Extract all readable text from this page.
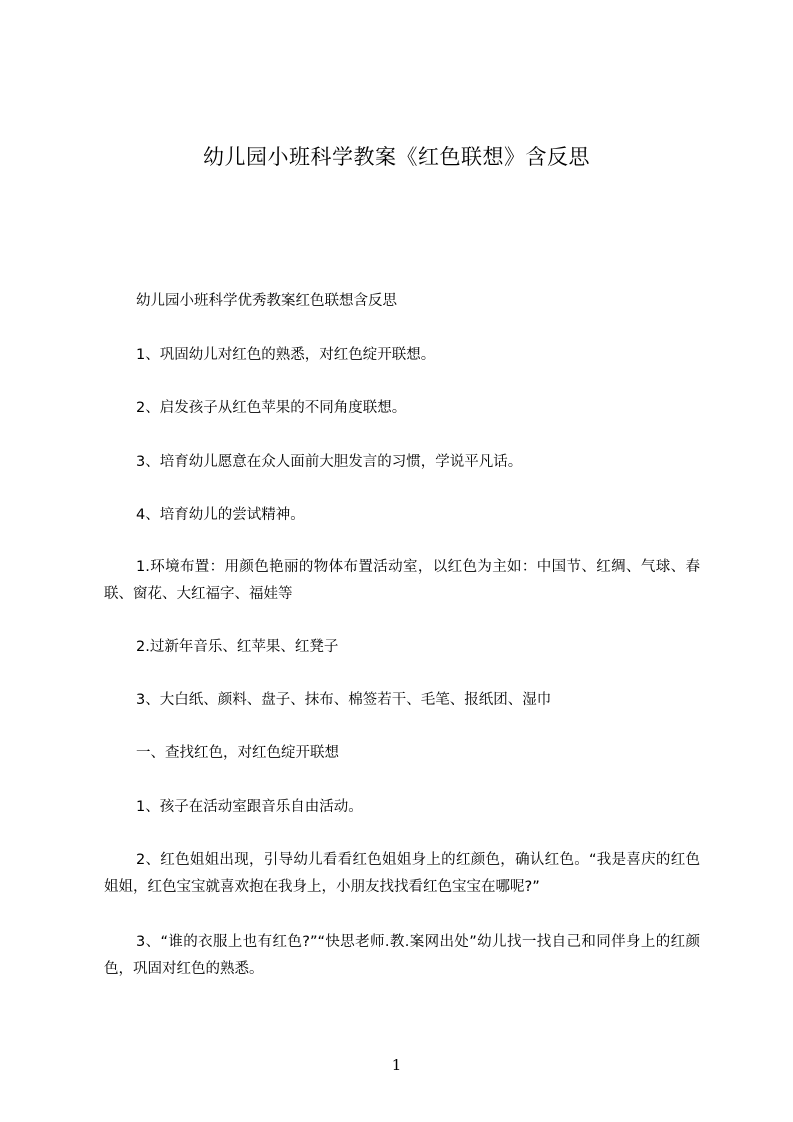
幼儿园小班科学教案《红色联想》含反思

幼儿园小班科学优秀教案红色联想含反思

1、巩固幼儿对红色的熟悉，对红色绽开联想。

2、启发孩子从红色苹果的不同角度联想。

3、培育幼儿愿意在众人面前大胆发言的习惯，学说平凡话。

4、培育幼儿的尝试精神。

1.环境布置：用颜色艳丽的物体布置活动室，以红色为主如：中国节、红绸、气球、春联、窗花、大红福字、福娃等

2.过新年音乐、红苹果、红凳子

3、大白纸、颜料、盘子、抹布、棉签若干、毛笔、报纸团、湿巾

一、查找红色，对红色绽开联想

1、孩子在活动室跟音乐自由活动。

2、红色姐姐出现，引导幼儿看看红色姐姐身上的红颜色，确认红色。“我是喜庆的红色姐姐，红色宝宝就喜欢抱在我身上，小朋友找找看红色宝宝在哪呢?”

3、“谁的衣服上也有红色?”“快思老师.教.案网出处”幼儿找一找自己和同伴身上的红颜色，巩固对红色的熟悉。

1
